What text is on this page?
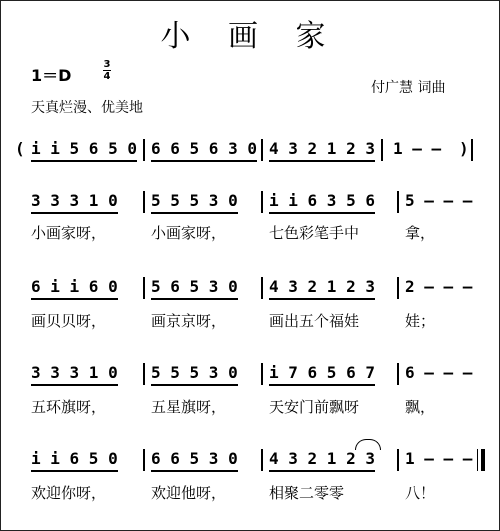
小 画 家
1＝D
3
4
付广慧 词曲
天真烂漫、优美地
( i i 5 6 5 0 6 6 5 6 3 0 4 3 2 1 2 3 1 – – )
3 3 3 1 0 5 5 5 3 0 i i 6 3 5 6 5 – – –
小画家呀，	小画家呀，	七色彩笔手中	拿，
6 i i 6 0 5 6 5 3 0 4 3 2 1 2 3 2 – – –
画贝贝呀，	画京京呀，	画出五个福娃	娃；
3 3 3 1 0 5 5 5 3 0 i 7 6 5 6 7 6 – – –
五环旗呀，	五星旗呀，	天安门前飘呀	飘，
i i 6 5 0 6 6 5 3 0 4 3 2 1 2 3 1 – – –
欢迎你呀，	欢迎他呀，	相聚二零零	八！
